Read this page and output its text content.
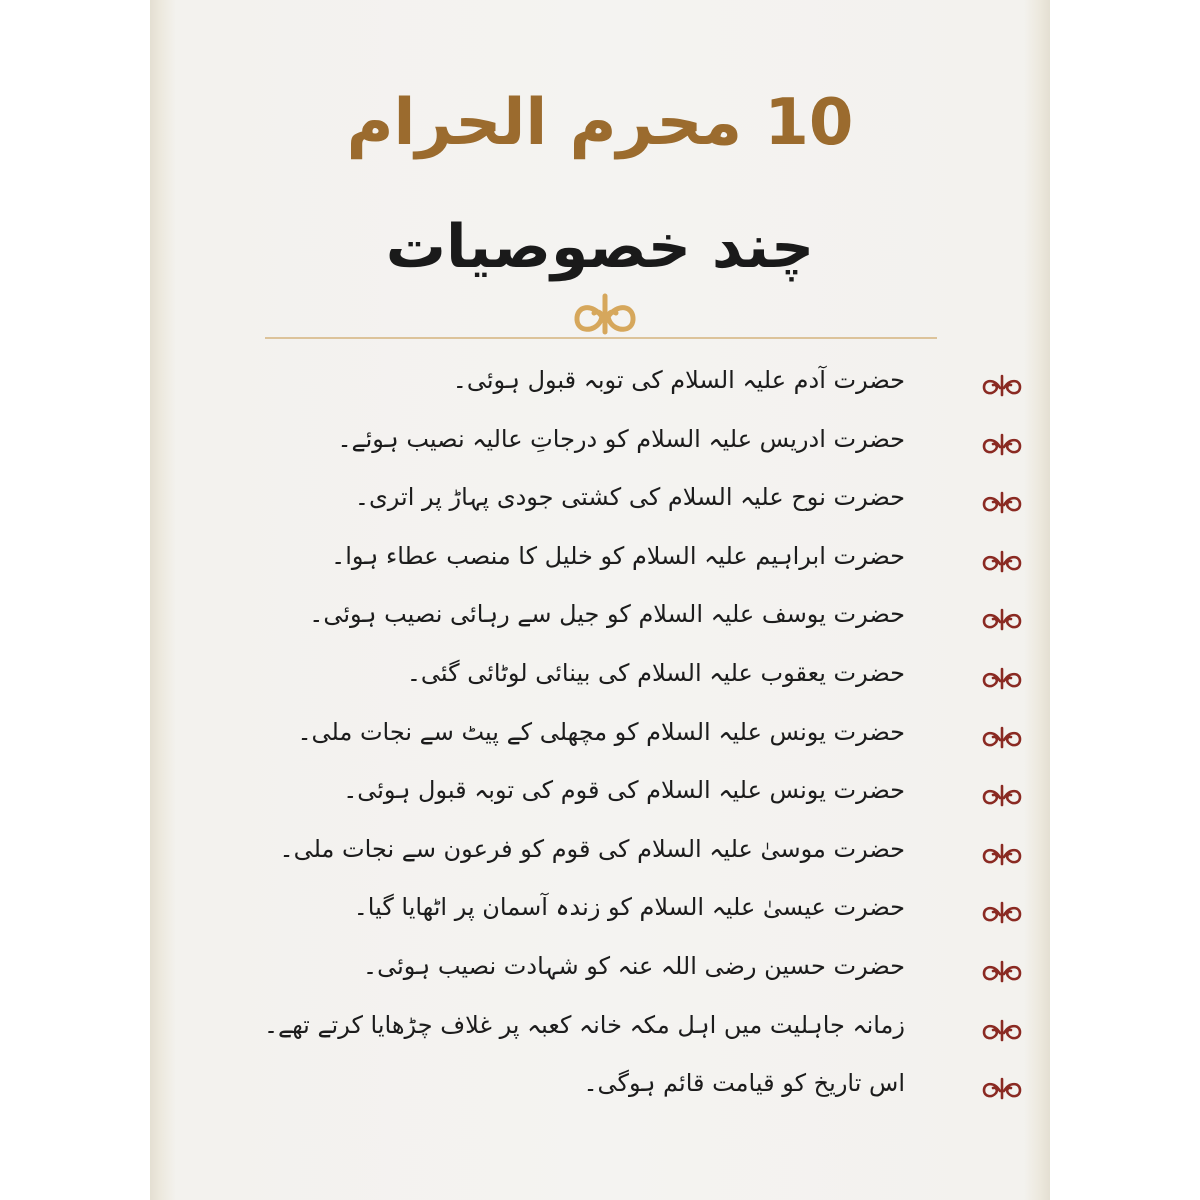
10 محرم الحرام
چند خصوصیات
حضرت آدم علیہ السلام کی توبہ قبول ہوئی۔
حضرت ادریس علیہ السلام کو درجاتِ عالیہ نصیب ہوئے۔
حضرت نوح علیہ السلام کی کشتی جودی پہاڑ پر اتری۔
حضرت ابراہیم علیہ السلام کو خلیل کا منصب عطاء ہوا۔
حضرت یوسف علیہ السلام کو جیل سے رہائی نصیب ہوئی۔
حضرت یعقوب علیہ السلام کی بینائی لوٹائی گئی۔
حضرت یونس علیہ السلام کو مچھلی کے پیٹ سے نجات ملی۔
حضرت یونس علیہ السلام کی قوم کی توبہ قبول ہوئی۔
حضرت موسیٰ علیہ السلام کی قوم کو فرعون سے نجات ملی۔
حضرت عیسیٰ علیہ السلام کو زندہ آسمان پر اٹھایا گیا۔
حضرت حسین رضی اللہ عنہ کو شہادت نصیب ہوئی۔
زمانہ جاہلیت میں اہل مکہ خانہ کعبہ پر غلاف چڑھایا کرتے تھے۔
اس تاریخ کو قیامت قائم ہوگی۔
